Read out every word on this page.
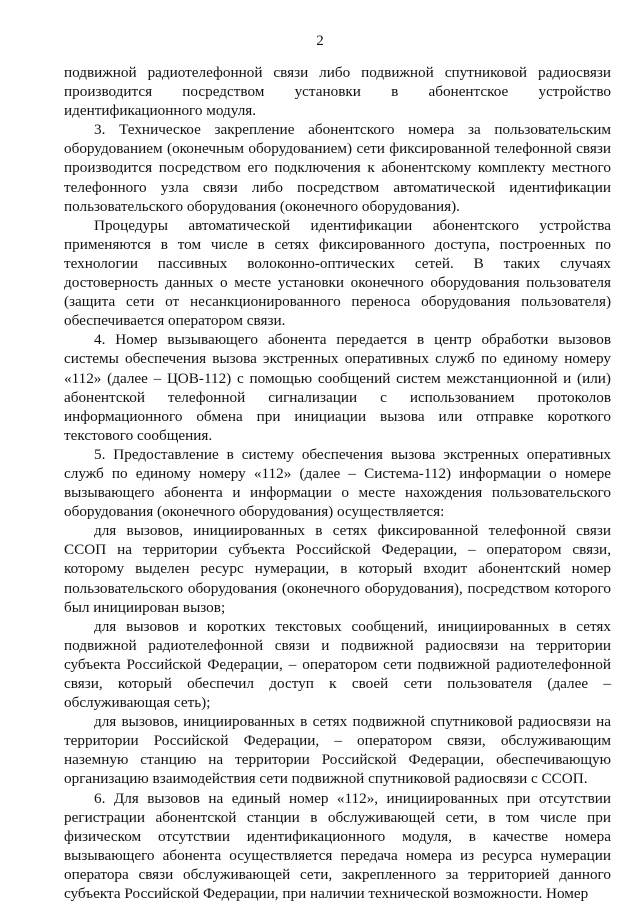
2

подвижной радиотелефонной связи либо подвижной спутниковой радиосвязи производится посредством установки в абонентское устройство идентификационного модуля.

3. Техническое закрепление абонентского номера за пользовательским оборудованием (оконечным оборудованием) сети фиксированной телефонной связи производится посредством его подключения к абонентскому комплекту местного телефонного узла связи либо посредством автоматической идентификации пользовательского оборудования (оконечного оборудования).

Процедуры автоматической идентификации абонентского устройства применяются в том числе в сетях фиксированного доступа, построенных по технологии пассивных волоконно-оптических сетей. В таких случаях достоверность данных о месте установки оконечного оборудования пользователя (защита сети от несанкционированного переноса оборудования пользователя) обеспечивается оператором связи.

4. Номер вызывающего абонента передается в центр обработки вызовов системы обеспечения вызова экстренных оперативных служб по единому номеру «112» (далее – ЦОВ-112) с помощью сообщений систем межстанционной и (или) абонентской телефонной сигнализации с использованием протоколов информационного обмена при инициации вызова или отправке короткого текстового сообщения.

5. Предоставление в систему обеспечения вызова экстренных оперативных служб по единому номеру «112» (далее – Система-112) информации о номере вызывающего абонента и информации о месте нахождения пользовательского оборудования (оконечного оборудования) осуществляется:

для вызовов, инициированных в сетях фиксированной телефонной связи ССОП на территории субъекта Российской Федерации, – оператором связи, которому выделен ресурс нумерации, в который входит абонентский номер пользовательского оборудования (оконечного оборудования), посредством которого был инициирован вызов;

для вызовов и коротких текстовых сообщений, инициированных в сетях подвижной радиотелефонной связи и подвижной радиосвязи на территории субъекта Российской Федерации, – оператором сети подвижной радиотелефонной связи, который обеспечил доступ к своей сети пользователя (далее – обслуживающая сеть);

для вызовов, инициированных в сетях подвижной спутниковой радиосвязи на территории Российской Федерации, – оператором связи, обслуживающим наземную станцию на территории Российской Федерации, обеспечивающую организацию взаимодействия сети подвижной спутниковой радиосвязи с ССОП.

6. Для вызовов на единый номер «112», инициированных при отсутствии регистрации абонентской станции в обслуживающей сети, в том числе при физическом отсутствии идентификационного модуля, в качестве номера вызывающего абонента осуществляется передача номера из ресурса нумерации оператора связи обслуживающей сети, закрепленного за территорией данного субъекта Российской Федерации, при наличии технической возможности. Номер
